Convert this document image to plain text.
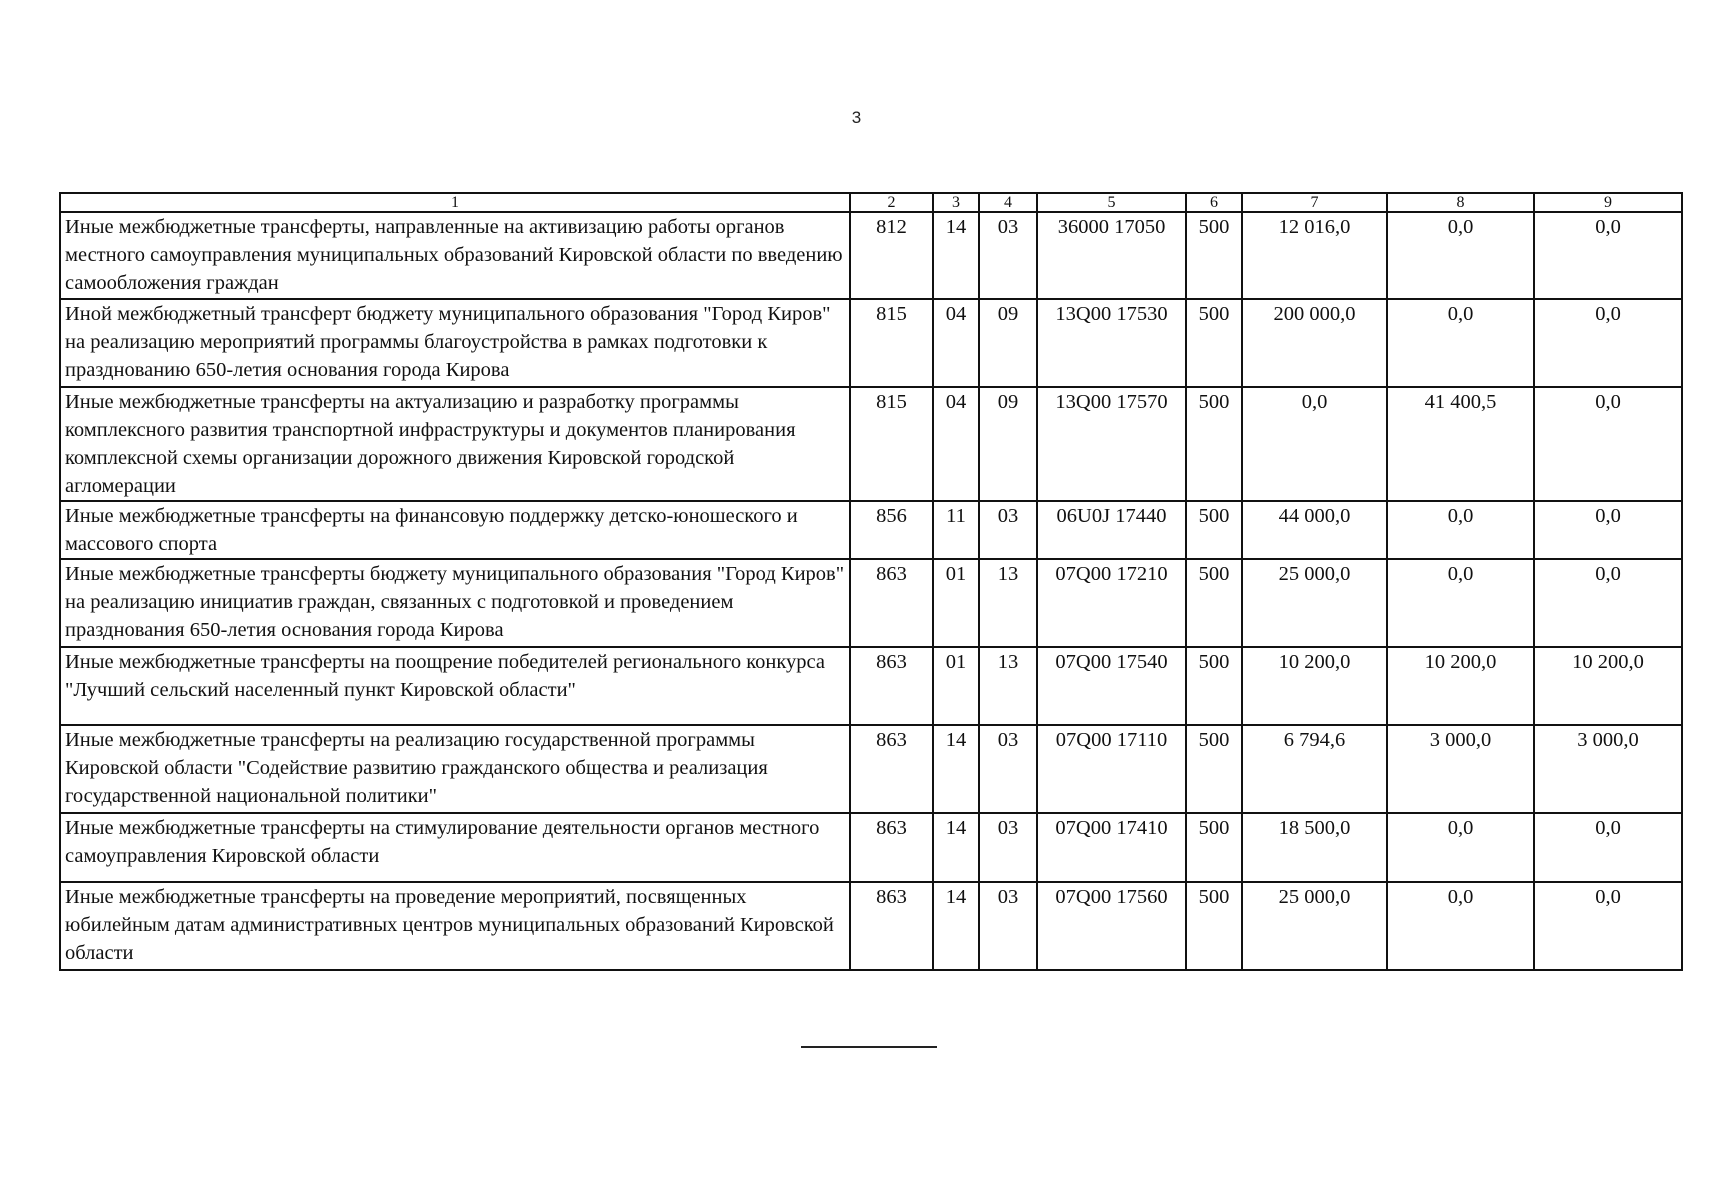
3
1	2	3	4	5	6	7	8	9
Иные межбюджетные трансферты, направленные на активизацию работы органов местного самоуправления муниципальных образований Кировской области по введению самообложения граждан	812	14	03	36000 17050	500	12 016,0	0,0	0,0
Иной межбюджетный трансферт бюджету муниципального образования "Город Киров" на реализацию мероприятий программы благоустройства в рамках подготовки к празднованию 650-летия основания города Кирова	815	04	09	13Q00 17530	500	200 000,0	0,0	0,0
Иные межбюджетные трансферты на актуализацию и разработку программы комплексного развития транспортной инфраструктуры и документов планирования комплексной схемы организации дорожного движения Кировской городской агломерации	815	04	09	13Q00 17570	500	0,0	41 400,5	0,0
Иные межбюджетные трансферты на финансовую поддержку детско-юношеского и массового спорта	856	11	03	06U0J 17440	500	44 000,0	0,0	0,0
Иные межбюджетные трансферты бюджету муниципального образования "Город Киров" на реализацию инициатив граждан, связанных с подготовкой и проведением празднования 650-летия основания города Кирова	863	01	13	07Q00 17210	500	25 000,0	0,0	0,0
Иные межбюджетные трансферты на поощрение победителей регионального конкурса "Лучший сельский населенный пункт Кировской области"	863	01	13	07Q00 17540	500	10 200,0	10 200,0	10 200,0
Иные межбюджетные трансферты на реализацию государственной программы Кировской области "Содействие развитию гражданского общества и реализация государственной национальной политики"	863	14	03	07Q00 17110	500	6 794,6	3 000,0	3 000,0
Иные межбюджетные трансферты на стимулирование деятельности органов местного самоуправления Кировской области	863	14	03	07Q00 17410	500	18 500,0	0,0	0,0
Иные межбюджетные трансферты на проведение мероприятий, посвященных юбилейным датам административных центров муниципальных образований Кировской области	863	14	03	07Q00 17560	500	25 000,0	0,0	0,0
